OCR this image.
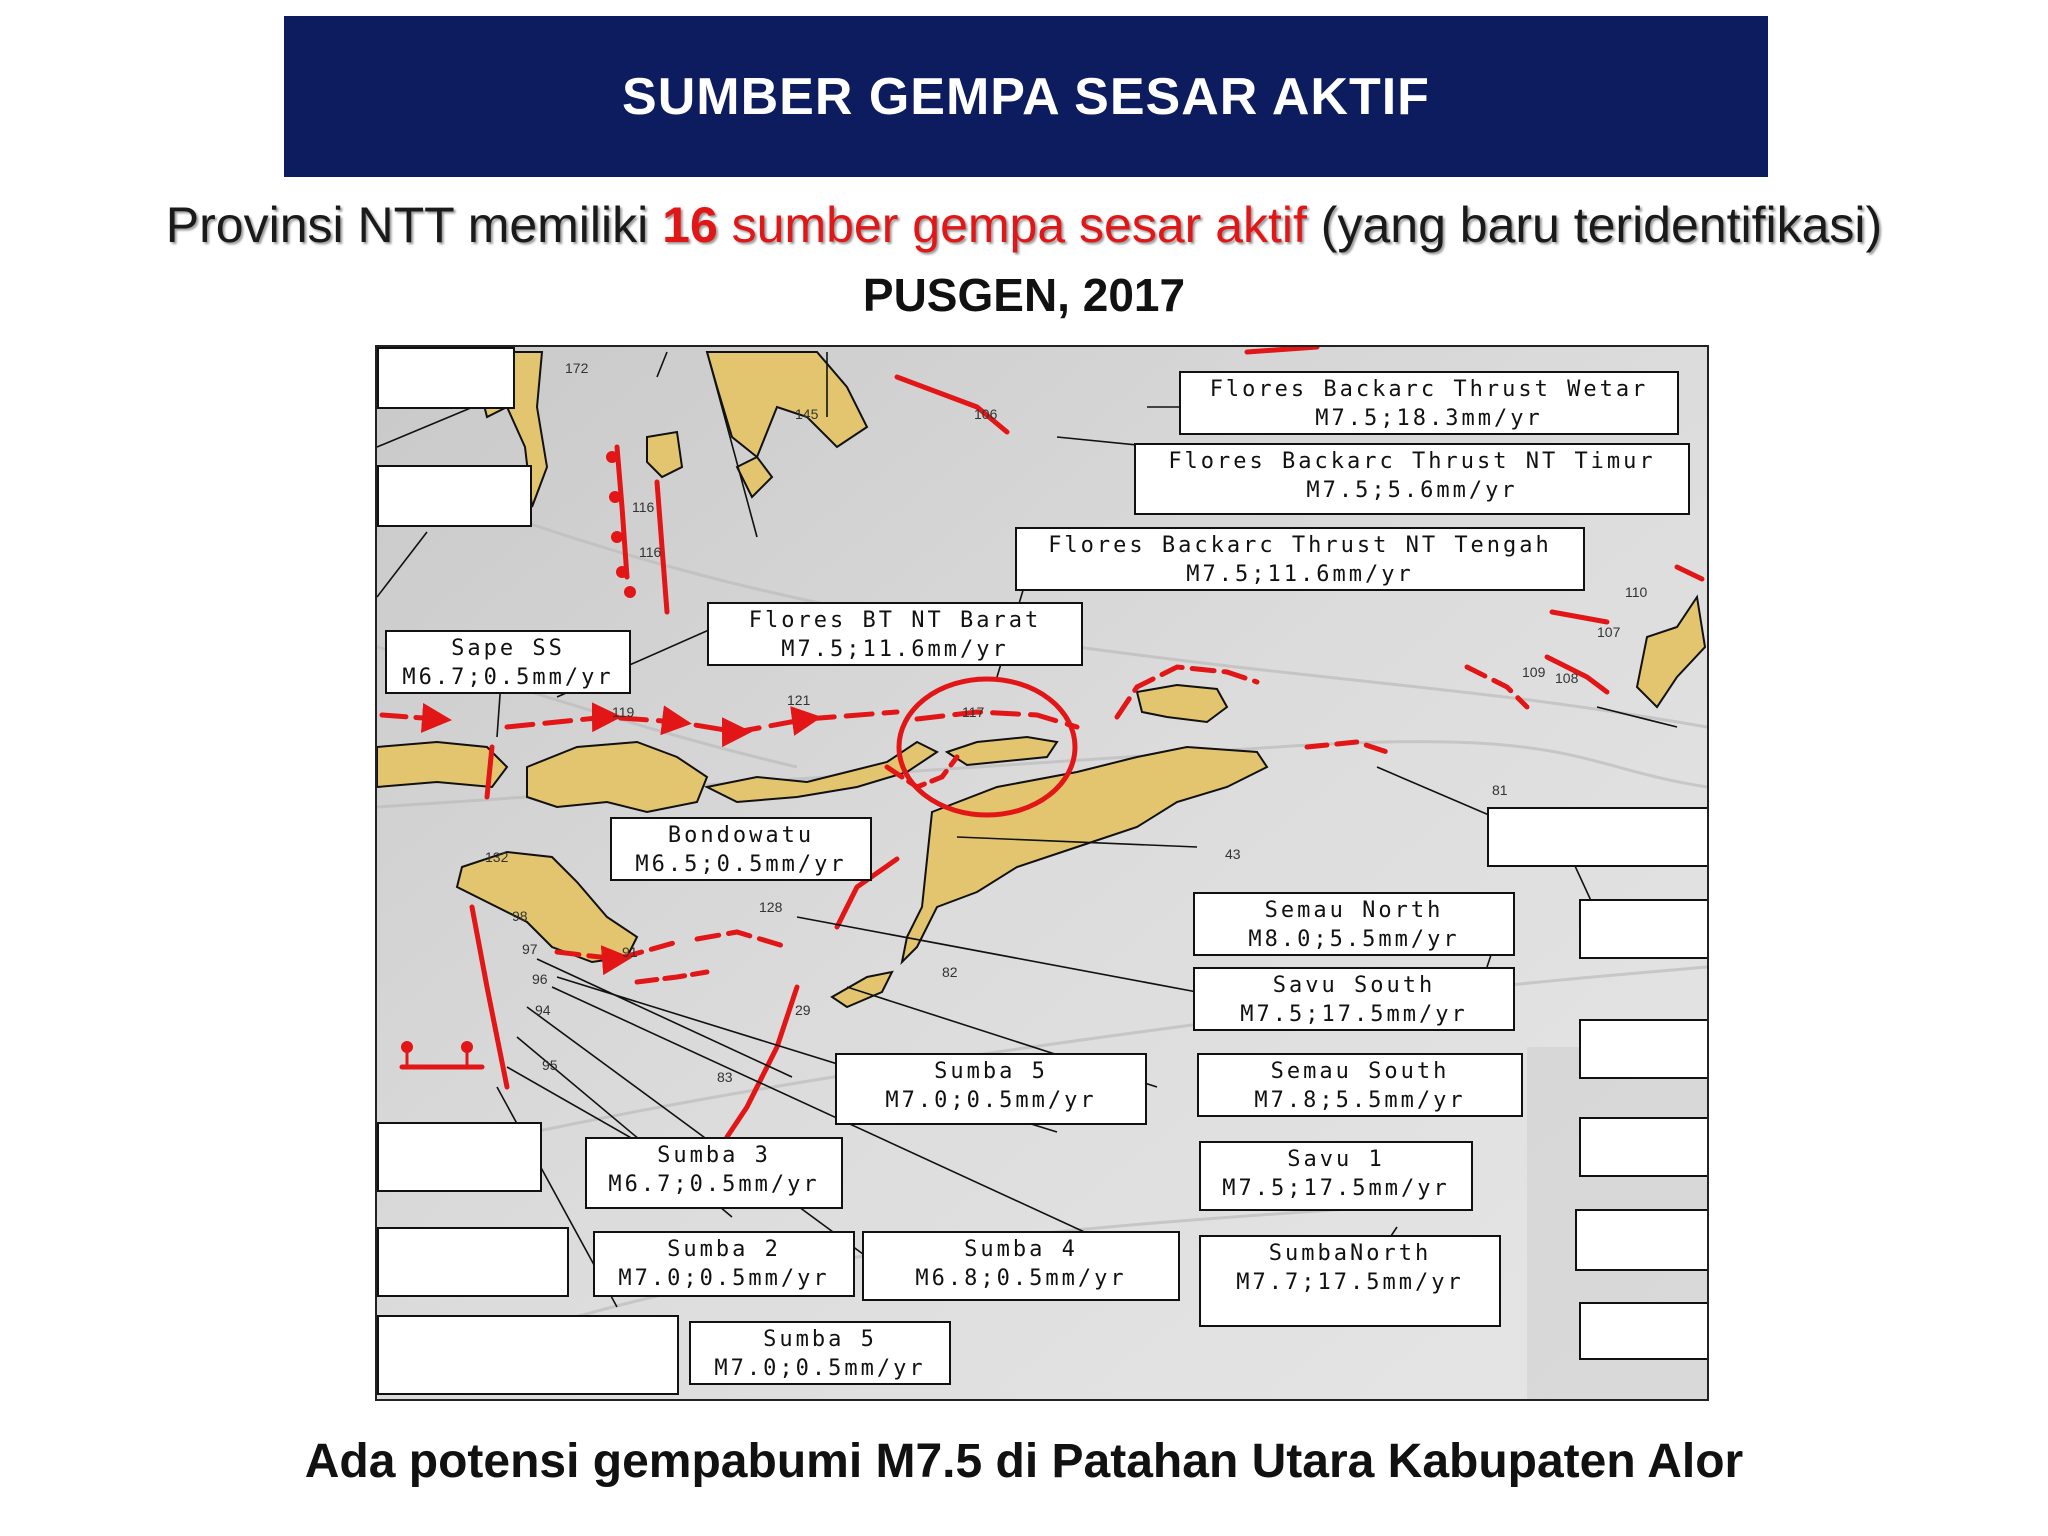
SUMBER GEMPA SESAR AKTIF
Provinsi NTT memiliki 16 sumber gempa sesar aktif (yang baru teridentifikasi)
PUSGEN, 2017
172
145	106
116
116
110
107
108
109
121
117
119
81
43
82
128
98
97
96
94
95
91
29
83
132
Flores Backarc Thrust Wetar
M7.5;18.3mm/yr
Flores Backarc Thrust NT Timur
M7.5;5.6mm/yr
Flores Backarc Thrust NT Tengah
M7.5;11.6mm/yr
Flores BT NT Barat
M7.5;11.6mm/yr
Sape SS
M6.7;0.5mm/yr
Bondowatu
M6.5;0.5mm/yr
Semau North
M8.0;5.5mm/yr
Savu South
M7.5;17.5mm/yr
Sumba 5
M7.0;0.5mm/yr
Semau South
M7.8;5.5mm/yr
Sumba 3
M6.7;0.5mm/yr
Savu 1
M7.5;17.5mm/yr
Sumba 2
M7.0;0.5mm/yr
Sumba 4
M6.8;0.5mm/yr
SumbaNorth
M7.7;17.5mm/yr
Sumba 5
M7.0;0.5mm/yr
Ada potensi gempabumi M7.5 di Patahan Utara Kabupaten Alor
